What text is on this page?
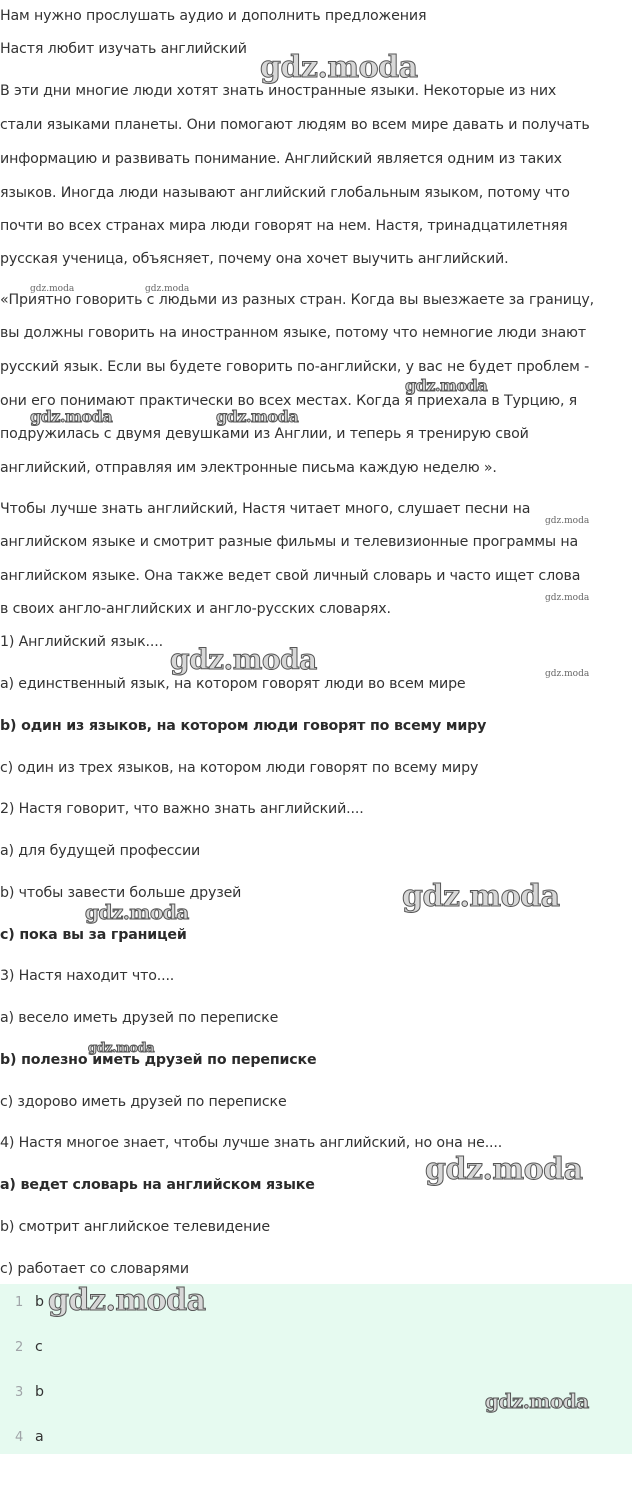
Нам нужно прослушать аудио и дополнить предложения
Настя любит изучать английский
В эти дни многие люди хотят знать иностранные языки. Некоторые из них
стали языками планеты. Они помогают людям во всем мире давать и получать
информацию и развивать понимание. Английский является одним из таких
языков. Иногда люди называют английский глобальным языком, потому что
почти во всех странах мира люди говорят на нем. Настя, тринадцатилетняя
русская ученица, объясняет, почему она хочет выучить английский.
«Приятно говорить с людьми из разных стран. Когда вы выезжаете за границу,
вы должны говорить на иностранном языке, потому что немногие люди знают
русский язык. Если вы будете говорить по-английски, у вас не будет проблем -
они его понимают практически во всех местах. Когда я приехала в Турцию, я
подружилась с двумя девушками из Англии, и теперь я тренирую свой
английский, отправляя им электронные письма каждую неделю ».
Чтобы лучше знать английский, Настя читает много, слушает песни на
английском языке и смотрит разные фильмы и телевизионные программы на
английском языке. Она также ведет свой личный словарь и часто ищет слова
в своих англо-английских и англо-русских словарях.
1) Английский язык....
a) единственный язык, на котором говорят люди во всем мире
b) один из языков, на котором люди говорят по всему миру
c) один из трех языков, на котором люди говорят по всему миру
2) Настя говорит, что важно знать английский....
a) для будущей профессии
b) чтобы завести больше друзей
c) пока вы за границей
3) Настя находит что....
a) весело иметь друзей по переписке
b) полезно иметь друзей по переписке
c) здорово иметь друзей по переписке
4) Настя многое знает, чтобы лучше знать английский, но она не....
a) ведет словарь на английском языке
b) смотрит английское телевидение
c) работает со словарями
1 b
2 c
3 b
4 a
gdz.moda
gdz.moda	gdz.moda
gdz.moda
gdz.moda	gdz.moda
gdz.moda
gdz.moda
gdz.moda	gdz.moda
gdz.moda
gdz.moda
gdz.moda
gdz.moda
gdz.moda
gdz.moda
